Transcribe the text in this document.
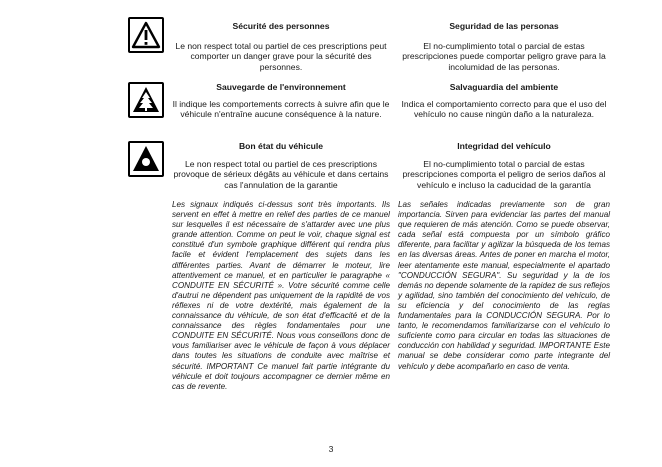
Sécurité des personnes
Le non respect total ou partiel de ces prescriptions peut comporter un danger grave pour la sécurité des personnes.
Seguridad de las personas
El no-cumplimiento total o parcial de estas prescripciones puede comportar peligro grave para la incolumidad de las personas.
Sauvegarde de l'environnement
Il indique les comportements corrects à suivre afin que le véhicule n'entraîne aucune conséquence à la nature.
Salvaguardia del ambiente
Indica el comportamiento correcto para que el uso del vehículo no cause ningún daño a la naturaleza.
Bon état du véhicule
Le non respect total ou partiel de ces prescriptions provoque de sérieux dégâts au véhicule et dans certains cas l'annulation de la garantie
Integridad del vehículo
El no-cumplimiento total o parcial de estas prescripciones comporta el peligro de serios daños al vehículo e incluso la caducidad de la garantía
Les signaux indiqués ci-dessus sont très importants. Ils servent en effet à mettre en relief des parties de ce manuel sur lesquelles il est nécessaire de s'attarder avec une plus grande attention. Comme on peut le voir, chaque signal est constitué d'un symbole graphique différent qui rendra plus facile et évident l'emplacement des sujets dans les différentes parties. Avant de démarrer le moteur, lire attentivement ce manuel, et en particulier le paragraphe « CONDUITE EN SÉCURITÉ ». Votre sécurité comme celle d'autrui ne dépendent pas uniquement de la rapidité de vos réflexes ni de votre dextérité, mais également de la connaissance du véhicule, de son état d'efficacité et de la connaissance des règles fondamentales pour une CONDUITE EN SÉCURITÉ. Nous vous conseillons donc de vous familiariser avec le véhicule de façon à vous déplacer dans toutes les situations de conduite avec maîtrise et sécurité. IMPORTANT Ce manuel fait partie intégrante du véhicule et doit toujours accompagner ce dernier même en cas de revente.
Las señales indicadas previamente son de gran importancia. Sirven para evidenciar las partes del manual que requieren de más atención. Como se puede observar, cada señal está compuesta por un símbolo gráfico diferente, para facilitar y agilizar la búsqueda de los temas en las diversas áreas. Antes de poner en marcha el motor, leer atentamente este manual, especialmente el apartado "CONDUCCIÓN SEGURA". Su seguridad y la de los demás no depende solamente de la rapidez de sus reflejos y agilidad, sino también del conocimiento del vehículo, de su eficiencia y del conocimiento de las reglas fundamentales para la CONDUCCIÓN SEGURA. Por lo tanto, le recomendamos familiarizarse con el vehículo lo suficiente como para circular en todas las situaciones de conducción con habilidad y seguridad. IMPORTANTE Este manual se debe considerar como parte integrante del vehículo y debe acompañarlo en caso de venta.
3
